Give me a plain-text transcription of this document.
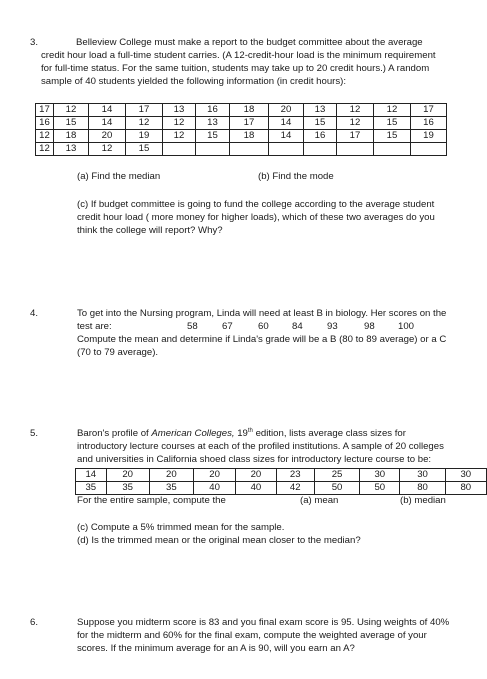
3.	Belleview College must make a report to the budget committee about the average
credit hour load a full-time student carries. (A 12-credit-hour load is the minimum requirement
for full-time status. For the same tuition, students may take up to 20 credit hours.) A random
sample of 40 students yielded the following information (in credit hours):
17	12	14	17	13	16	18	20	13	12	12	17
16	15	14	12	12	13	17	14	15	12	15	16
12	18	20	19	12	15	18	14	16	17	15	19
12	13	12	15								
(a) Find the median	(b) Find the mode
(c) If budget committee is going to fund the college according to the average student
credit hour load ( more money for higher loads), which of these two averages do you
think the college will report? Why?
4.	To get into the Nursing program, Linda will need at least B in biology. Her scores on the
test are:	58	67	60 84	93	98 100
Compute the mean and determine if Linda's grade will be a B (80 to 89 average) or a C
(70 to 79 average).
5.	Baron's profile of American Colleges, 19th edition, lists average class sizes for
introductory lecture courses at each of the profiled institutions. A sample of 20 colleges
and universities in California shoed class sizes for introductory lecture course to be:
14	20	20	20	20	23	25	30	30	30
35	35	35	40	40	42	50	50	80	80
For the entire sample, compute the	(a) mean	(b) median
(c) Compute a 5% trimmed mean for the sample.
(d) Is the trimmed mean or the original mean closer to the median?
6.	Suppose you midterm score is 83 and you final exam score is 95. Using weights of 40%
for the midterm and 60% for the final exam, compute the weighted average of your
scores. If the minimum average for an A is 90, will you earn an A?
